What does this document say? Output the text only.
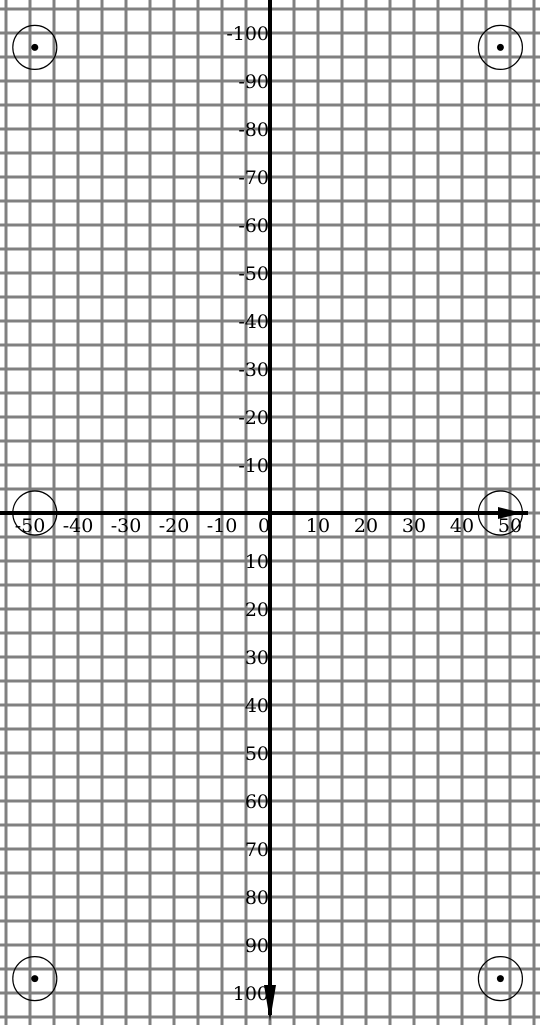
-50 -40 -30 -20 -10 0 10 20 30 40 50
-100
-90
-80
-70
-60
-50
-40
-30
-20
-10
10
20
30
40
50
60
70
80
90
100
